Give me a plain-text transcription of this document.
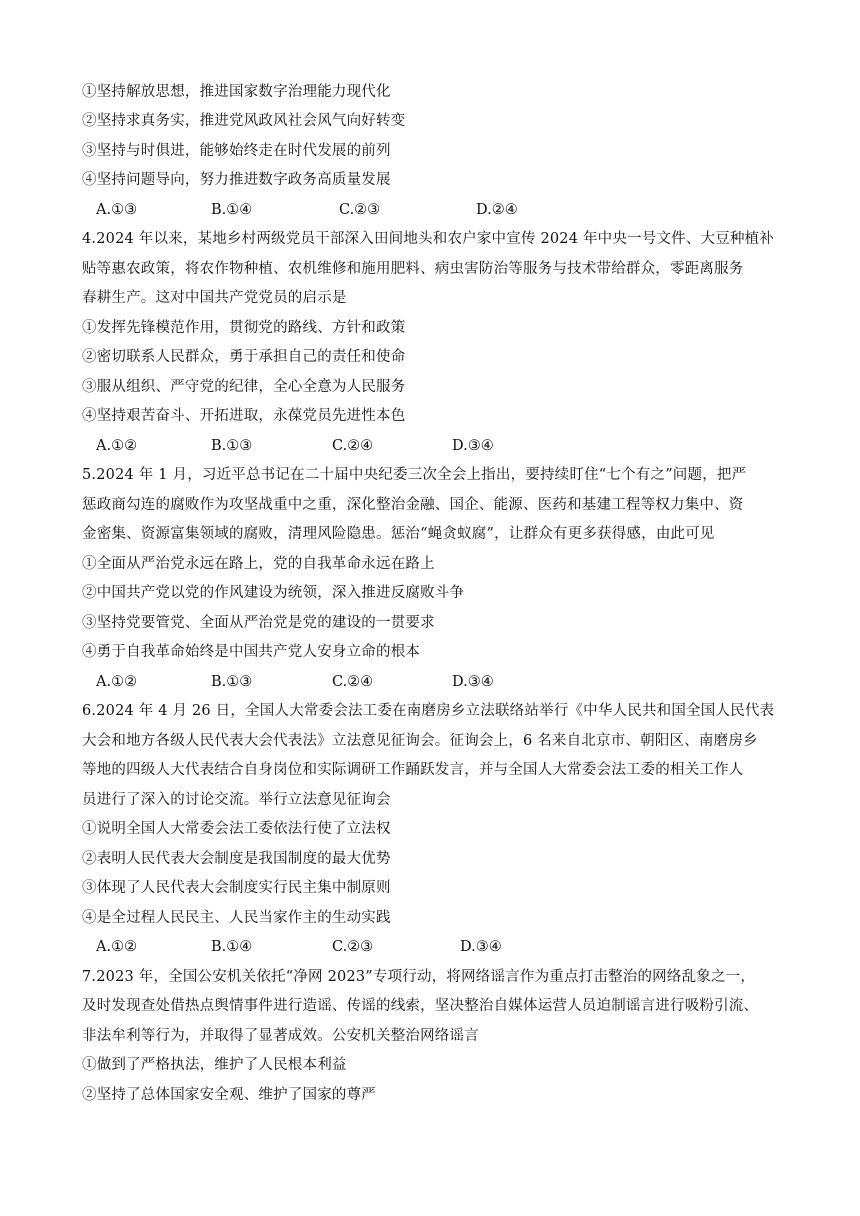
①坚持解放思想，推进国家数字治理能力现代化
②坚持求真务实，推进党风政风社会风气向好转变
③坚持与时俱进，能够始终走在时代发展的前列
④坚持问题导向，努力推进数字政务高质量发展
A.①③	B.①④	C.②③	D.②④
4.2024 年以来，某地乡村两级党员干部深入田间地头和农户家中宣传 2024 年中央一号文件、大豆种植补
贴等惠农政策，将农作物种植、农机维修和施用肥料、病虫害防治等服务与技术带给群众，零距离服务
春耕生产。这对中国共产党党员的启示是
①发挥先锋模范作用，贯彻党的路线、方针和政策
②密切联系人民群众，勇于承担自己的责任和使命
③服从组织、严守党的纪律，全心全意为人民服务
④坚持艰苦奋斗、开拓进取，永葆党员先进性本色
A.①②	B.①③	C.②④	D.③④
5.2024 年 1 月，习近平总书记在二十届中央纪委三次全会上指出，要持续盯住“七个有之”问题，把严
惩政商勾连的腐败作为攻坚战重中之重，深化整治金融、国企、能源、医药和基建工程等权力集中、资
金密集、资源富集领域的腐败，清理风险隐患。惩治“蝇贪蚁腐”，让群众有更多获得感，由此可见
①全面从严治党永远在路上，党的自我革命永远在路上
②中国共产党以党的作风建设为统领，深入推进反腐败斗争
③坚持党要管党、全面从严治党是党的建设的一贯要求
④勇于自我革命始终是中国共产党人安身立命的根本
A.①②	B.①③	C.②④	D.③④
6.2024 年 4 月 26 日，全国人大常委会法工委在南磨房乡立法联络站举行《中华人民共和国全国人民代表
大会和地方各级人民代表大会代表法》立法意见征询会。征询会上，6 名来自北京市、朝阳区、南磨房乡
等地的四级人大代表结合自身岗位和实际调研工作踊跃发言，并与全国人大常委会法工委的相关工作人
员进行了深入的讨论交流。举行立法意见征询会
①说明全国人大常委会法工委依法行使了立法权
②表明人民代表大会制度是我国制度的最大优势
③体现了人民代表大会制度实行民主集中制原则
④是全过程人民民主、人民当家作主的生动实践
A.①②	B.①④	C.②③	D.③④
7.2023 年，全国公安机关依托“净网 2023”专项行动，将网络谣言作为重点打击整治的网络乱象之一，
及时发现查处借热点舆情事件进行造谣、传谣的线索，坚决整治自媒体运营人员迫制谣言进行吸粉引流、
非法牟利等行为，并取得了显著成效。公安机关整治网络谣言
①做到了严格执法，维护了人民根本利益
②坚持了总体国家安全观、维护了国家的尊严
